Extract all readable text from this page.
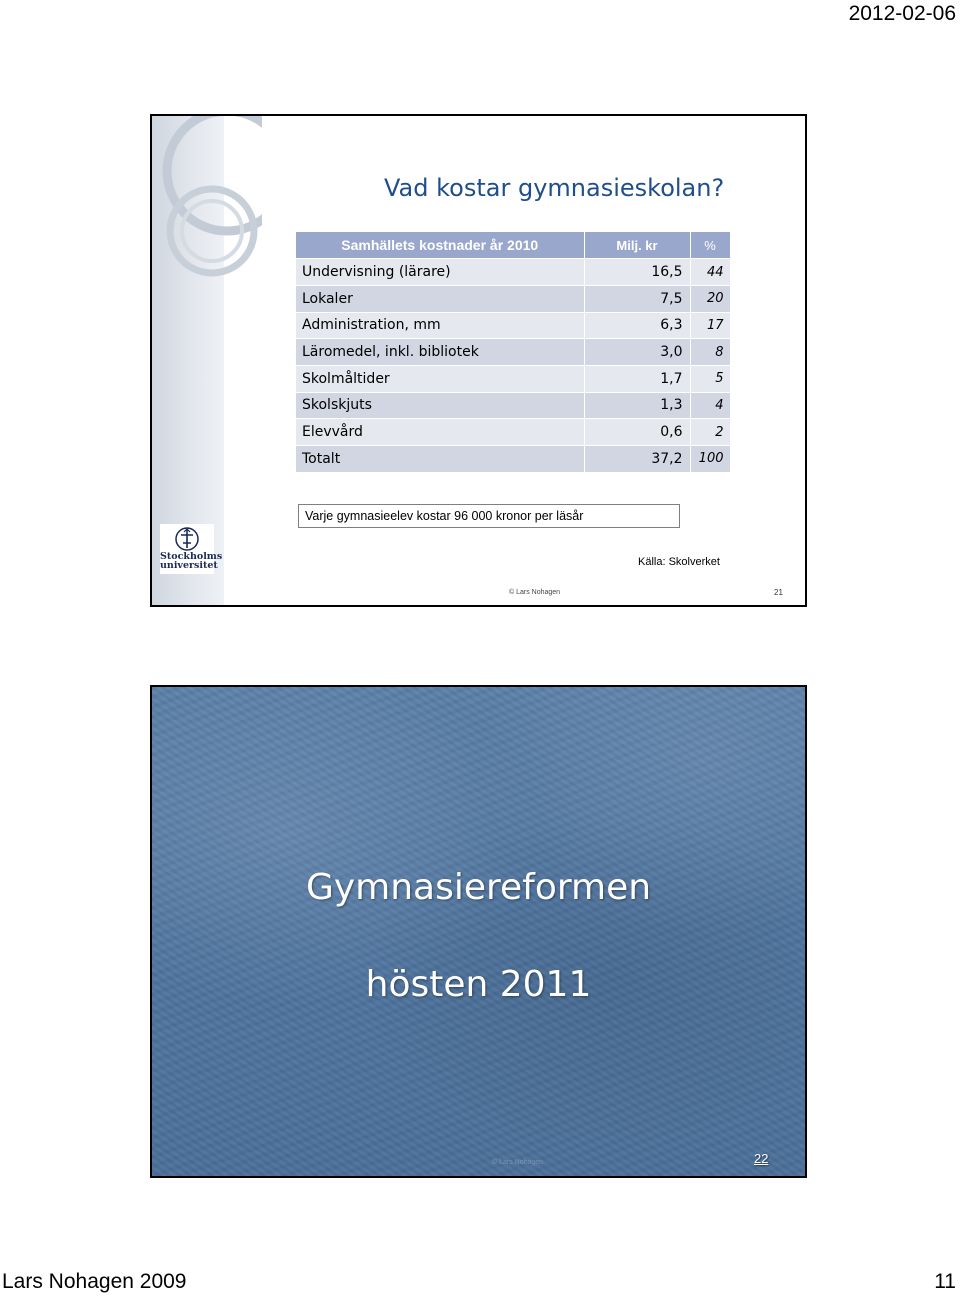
2012-02-06
Vad kostar gymnasieskolan?
Samhällets kostnader år 2010	Milj. kr	%
Undervisning (lärare)	16,5	44
Lokaler	7,5	20
Administration, mm	6,3	17
Läromedel, inkl. bibliotek	3,0	8
Skolmåltider	1,7	5
Skolskjuts	1,3	4
Elevvård	0,6	2
Totalt	37,2	100
Varje gymnasieelev kostar 96 000 kronor per läsår
Stockholms
universitet	Källa: Skolverket
© Lars Nohagen	21
Gymnasiereformen
hösten 2011
© Lars Nohagen	22
Lars Nohagen 2009	11
